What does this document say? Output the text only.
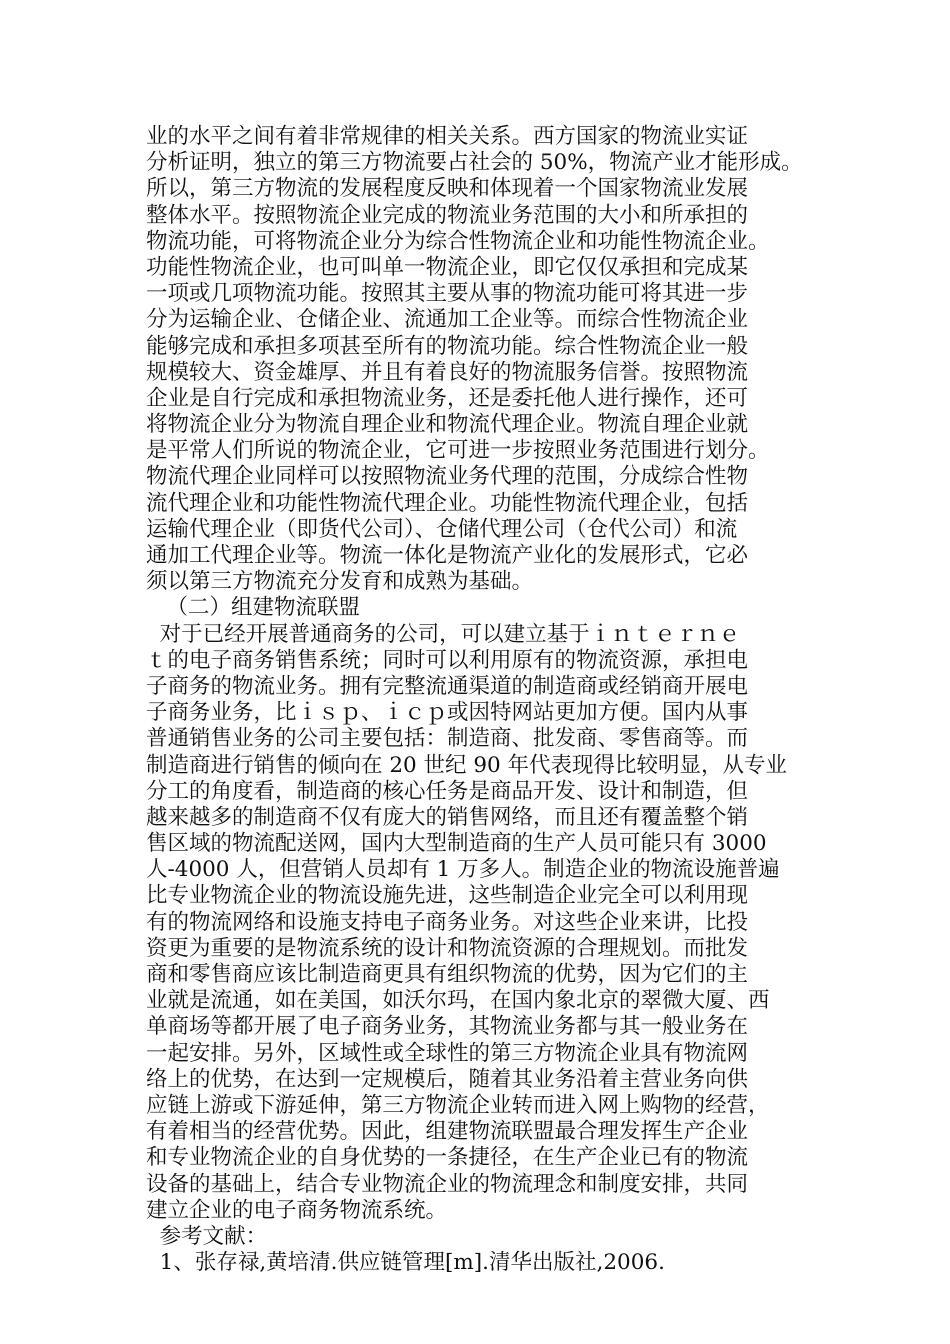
业的水平之间有着非常规律的相关关系。西方国家的物流业实证
分析证明，独立的第三方物流要占社会的 50%，物流产业才能形成。
所以，第三方物流的发展程度反映和体现着一个国家物流业发展
整体水平。按照物流企业完成的物流业务范围的大小和所承担的
物流功能，可将物流企业分为综合性物流企业和功能性物流企业。
功能性物流企业，也可叫单一物流企业，即它仅仅承担和完成某
一项或几项物流功能。按照其主要从事的物流功能可将其进一步
分为运输企业、仓储企业、流通加工企业等。而综合性物流企业
能够完成和承担多项甚至所有的物流功能。综合性物流企业一般
规模较大、资金雄厚、并且有着良好的物流服务信誉。按照物流
企业是自行完成和承担物流业务，还是委托他人进行操作，还可
将物流企业分为物流自理企业和物流代理企业。物流自理企业就
是平常人们所说的物流企业，它可进一步按照业务范围进行划分。
物流代理企业同样可以按照物流业务代理的范围，分成综合性物
流代理企业和功能性物流代理企业。功能性物流代理企业，包括
运输代理企业（即货代公司）、仓储代理公司（仓代公司）和流
通加工代理企业等。物流一体化是物流产业化的发展形式，它必
须以第三方物流充分发育和成熟为基础。
（二）组建物流联盟
对于已经开展普通商务的公司，可以建立基于ｉｎｔｅｒｎｅ
ｔ的电子商务销售系统；同时可以利用原有的物流资源，承担电
子商务的物流业务。拥有完整流通渠道的制造商或经销商开展电
子商务业务，比ｉｓｐ、ｉｃｐ或因特网站更加方便。国内从事
普通销售业务的公司主要包括：制造商、批发商、零售商等。而
制造商进行销售的倾向在 20 世纪 90 年代表现得比较明显，从专业
分工的角度看，制造商的核心任务是商品开发、设计和制造，但
越来越多的制造商不仅有庞大的销售网络，而且还有覆盖整个销
售区域的物流配送网，国内大型制造商的生产人员可能只有 3000
人-4000 人，但营销人员却有 1 万多人。制造企业的物流设施普遍
比专业物流企业的物流设施先进，这些制造企业完全可以利用现
有的物流网络和设施支持电子商务业务。对这些企业来讲，比投
资更为重要的是物流系统的设计和物流资源的合理规划。而批发
商和零售商应该比制造商更具有组织物流的优势，因为它们的主
业就是流通，如在美国，如沃尔玛，在国内象北京的翠微大厦、西
单商场等都开展了电子商务业务，其物流业务都与其一般业务在
一起安排。另外，区域性或全球性的第三方物流企业具有物流网
络上的优势，在达到一定规模后，随着其业务沿着主营业务向供
应链上游或下游延伸，第三方物流企业转而进入网上购物的经营，
有着相当的经营优势。因此，组建物流联盟最合理发挥生产企业
和专业物流企业的自身优势的一条捷径，在生产企业已有的物流
设备的基础上，结合专业物流企业的物流理念和制度安排，共同
建立企业的电子商务物流系统。
参考文献：
1、张存禄,黄培清.供应链管理[m].清华出版社,2006.
